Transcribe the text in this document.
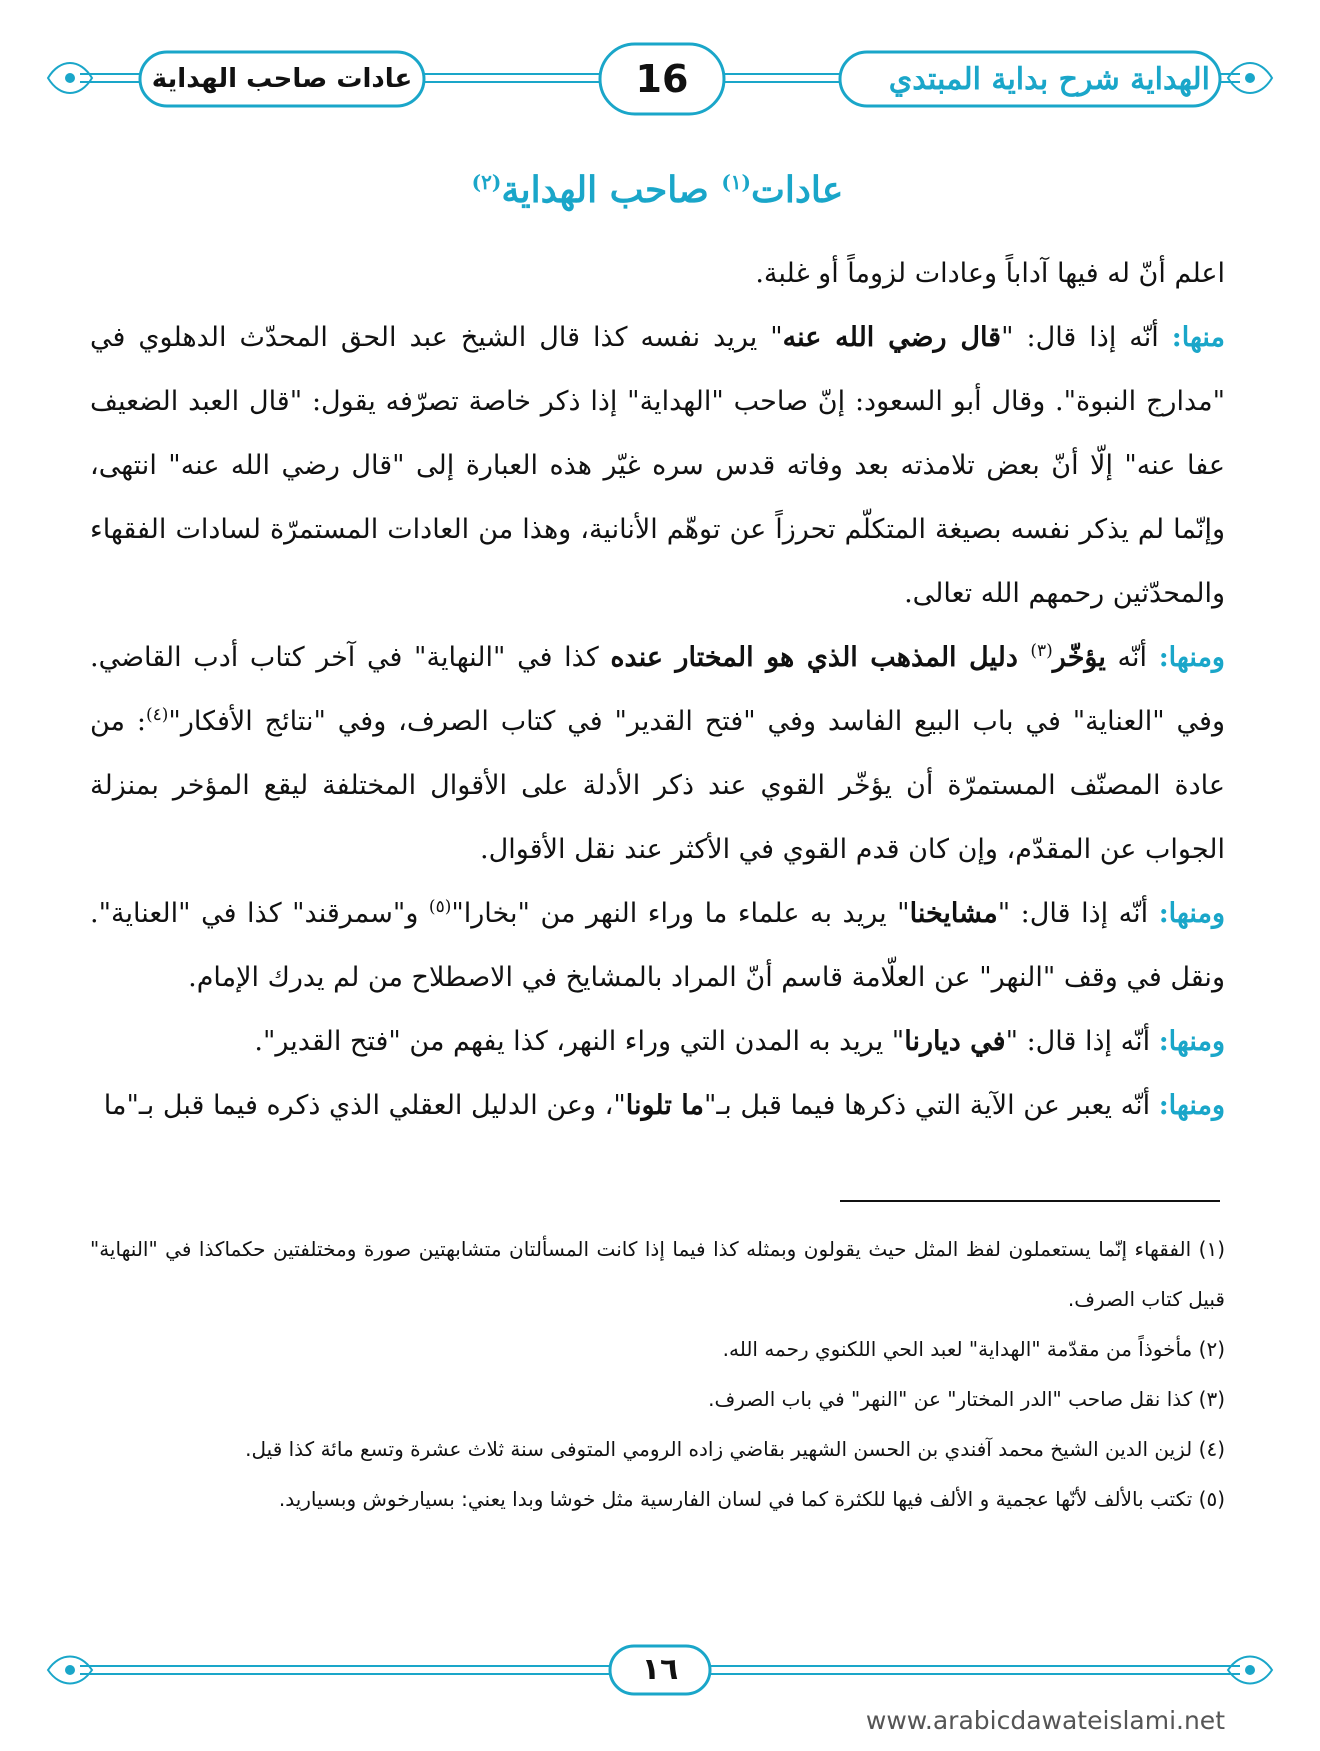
عادات صاحب الهداية	16	الهداية شرح بداية المبتدي
عادات$^{(١)}$ صاحب الهداية$^{(٢)}$

اعلم أنّ له فيها آداباً وعادات لزوماً أو غلبة.

منها: أنّه إذا قال: "قال رضي الله عنه" يريد نفسه كذا قال الشيخ عبد الحق المحدّث الدهلوي في "مدارج النبوة". وقال أبو السعود: إنّ صاحب "الهداية" إذا ذكر خاصة تصرّفه يقول: "قال العبد الضعيف عفا عنه" إلّا أنّ بعض تلامذته بعد وفاته قدس سره غيّر هذه العبارة إلى "قال رضي الله عنه" انتهى، وإنّما لم يذكر نفسه بصيغة المتكلّم تحرزاً عن توهّم الأنانية، وهذا من العادات المستمرّة لسادات الفقهاء والمحدّثين رحمهم الله تعالى.

ومنها: أنّه يؤخّر$^{(٣)}$ دليل المذهب الذي هو المختار عنده كذا في "النهاية" في آخر كتاب أدب القاضي. وفي "العناية" في باب البيع الفاسد وفي "فتح القدير" في كتاب الصرف، وفي "نتائج الأفكار"$^{(٤)}$: من عادة المصنّف المستمرّة أن يؤخّر القوي عند ذكر الأدلة على الأقوال المختلفة ليقع المؤخر بمنزلة الجواب عن المقدّم، وإن كان قدم القوي في الأكثر عند نقل الأقوال.

ومنها: أنّه إذا قال: "مشايخنا" يريد به علماء ما وراء النهر من "بخارا"$^{(٥)}$ و"سمرقند" كذا في "العناية". ونقل في وقف "النهر" عن العلّامة قاسم أنّ المراد بالمشايخ في الاصطلاح من لم يدرك الإمام.

ومنها: أنّه إذا قال: "في ديارنا" يريد به المدن التي وراء النهر، كذا يفهم من "فتح القدير".

ومنها: أنّه يعبر عن الآية التي ذكرها فيما قبل بـ"ما تلونا"، وعن الدليل العقلي الذي ذكره فيما قبل بـ"ما

(١) الفقهاء إنّما يستعملون لفظ المثل حيث يقولون وبمثله كذا فيما إذا كانت المسألتان متشابهتين صورة ومختلفتين حكماكذا في "النهاية" قبيل كتاب الصرف.

(٢) مأخوذاً من مقدّمة "الهداية" لعبد الحي اللكنوي رحمه الله.

(٣) كذا نقل صاحب "الدر المختار" عن "النهر" في باب الصرف.

(٤) لزين الدين الشيخ محمد آفندي بن الحسن الشهير بقاضي زاده الرومي المتوفى سنة ثلاث عشرة وتسع مائة كذا قيل.

(٥) تكتب بالألف لأنّها عجمية و الألف فيها للكثرة كما في لسان الفارسية مثل خوشا وبدا يعني: بسيارخوش وبسياريد.

١٦
www.arabicdawateislami.net
